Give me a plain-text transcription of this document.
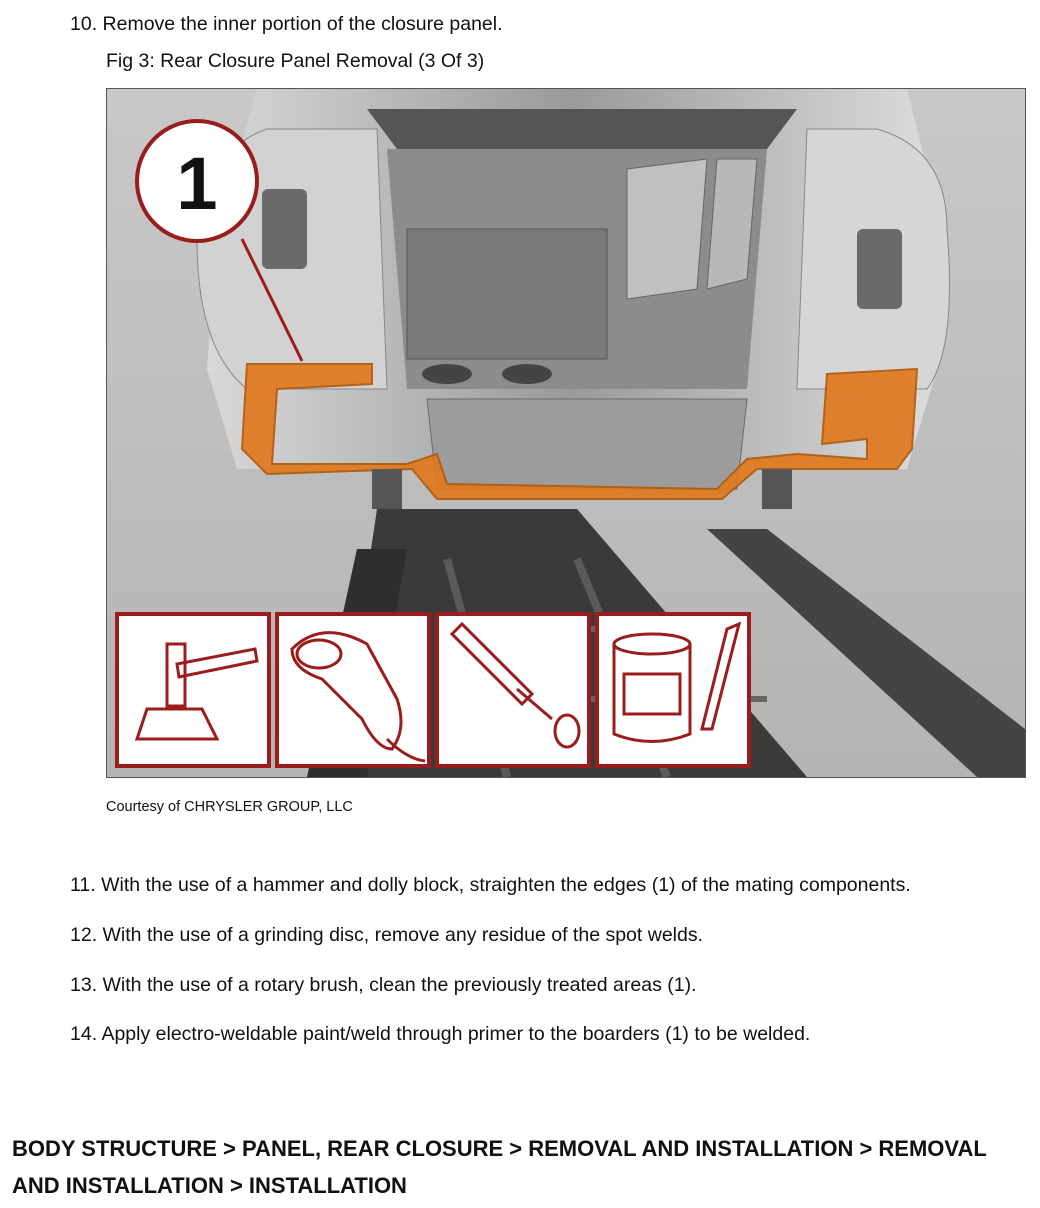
10. Remove the inner portion of the closure panel.
Fig 3: Rear Closure Panel Removal (3 Of 3)
1
Courtesy of CHRYSLER GROUP, LLC
11. With the use of a hammer and dolly block, straighten the edges (1) of the mating components.
12. With the use of a grinding disc, remove any residue of the spot welds.
13. With the use of a rotary brush, clean the previously treated areas (1).
14. Apply electro-weldable paint/weld through primer to the boarders (1) to be welded.
BODY STRUCTURE > PANEL, REAR CLOSURE > REMOVAL AND INSTALLATION > REMOVAL AND INSTALLATION > INSTALLATION
